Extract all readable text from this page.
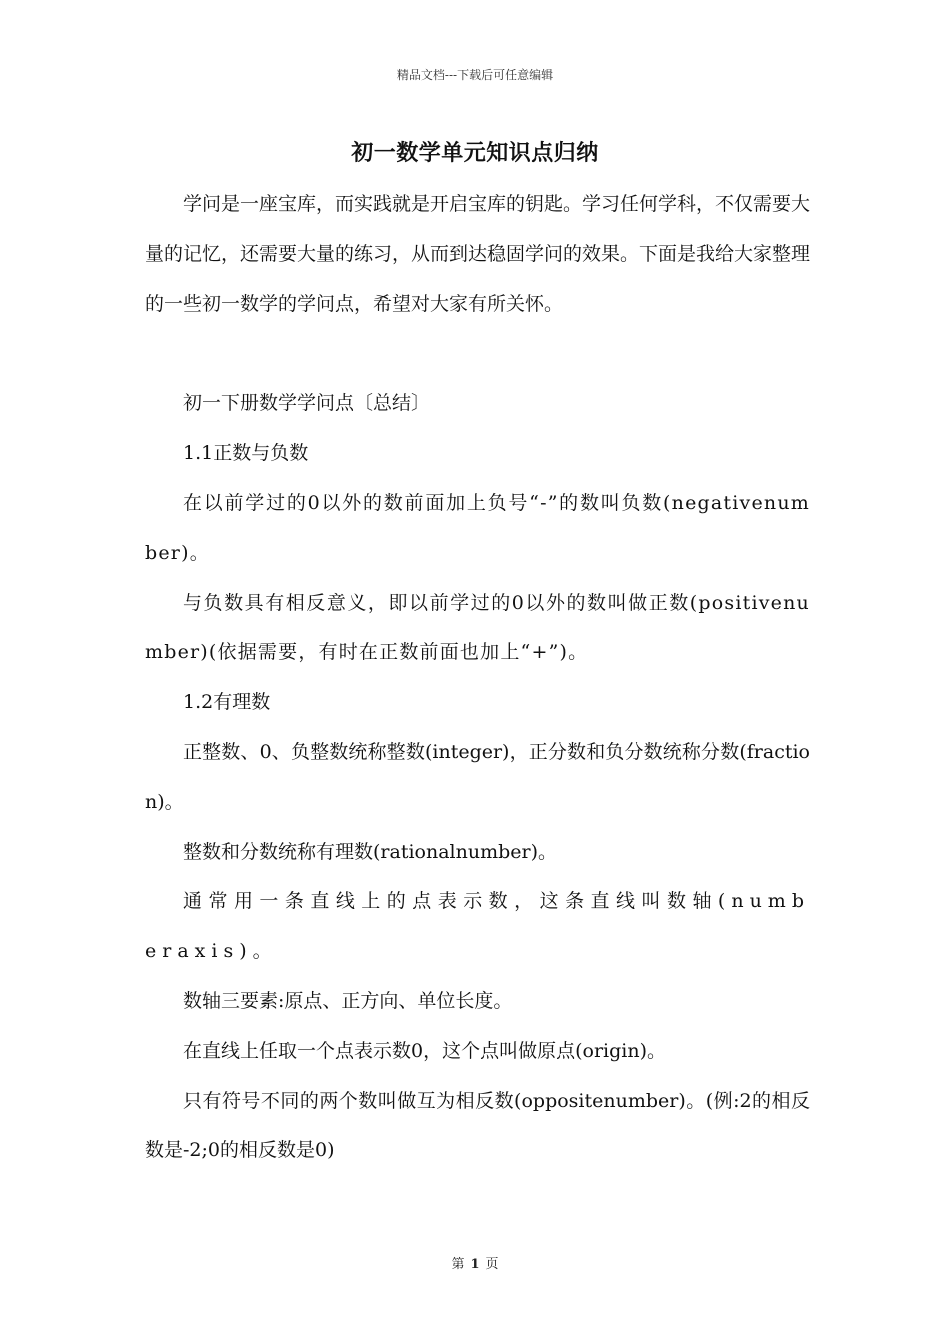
精品文档---下载后可任意编辑
初一数学单元知识点归纳

学问是一座宝库，而实践就是开启宝库的钥匙。学习任何学科，不仅需要大量的记忆，还需要大量的练习，从而到达稳固学问的效果。下面是我给大家整理的一些初一数学的学问点，希望对大家有所关怀。

初一下册数学学问点〔总结〕

1.1正数与负数

在以前学过的0以外的数前面加上负号“-”的数叫负数(negativenumber)。

与负数具有相反意义，即以前学过的0以外的数叫做正数(positivenumber)(依据需要，有时在正数前面也加上“+”)。

1.2有理数

正整数、0、负整数统称整数(integer)，正分数和负分数统称分数(fraction)。

整数和分数统称有理数(rationalnumber)。

通常用一条直线上的点表示数，这条直线叫数轴(numberaxis)。

数轴三要素:原点、正方向、单位长度。

在直线上任取一个点表示数0，这个点叫做原点(origin)。

只有符号不同的两个数叫做互为相反数(oppositenumber)。(例:2的相反数是-2;0的相反数是0)

第 1 页
